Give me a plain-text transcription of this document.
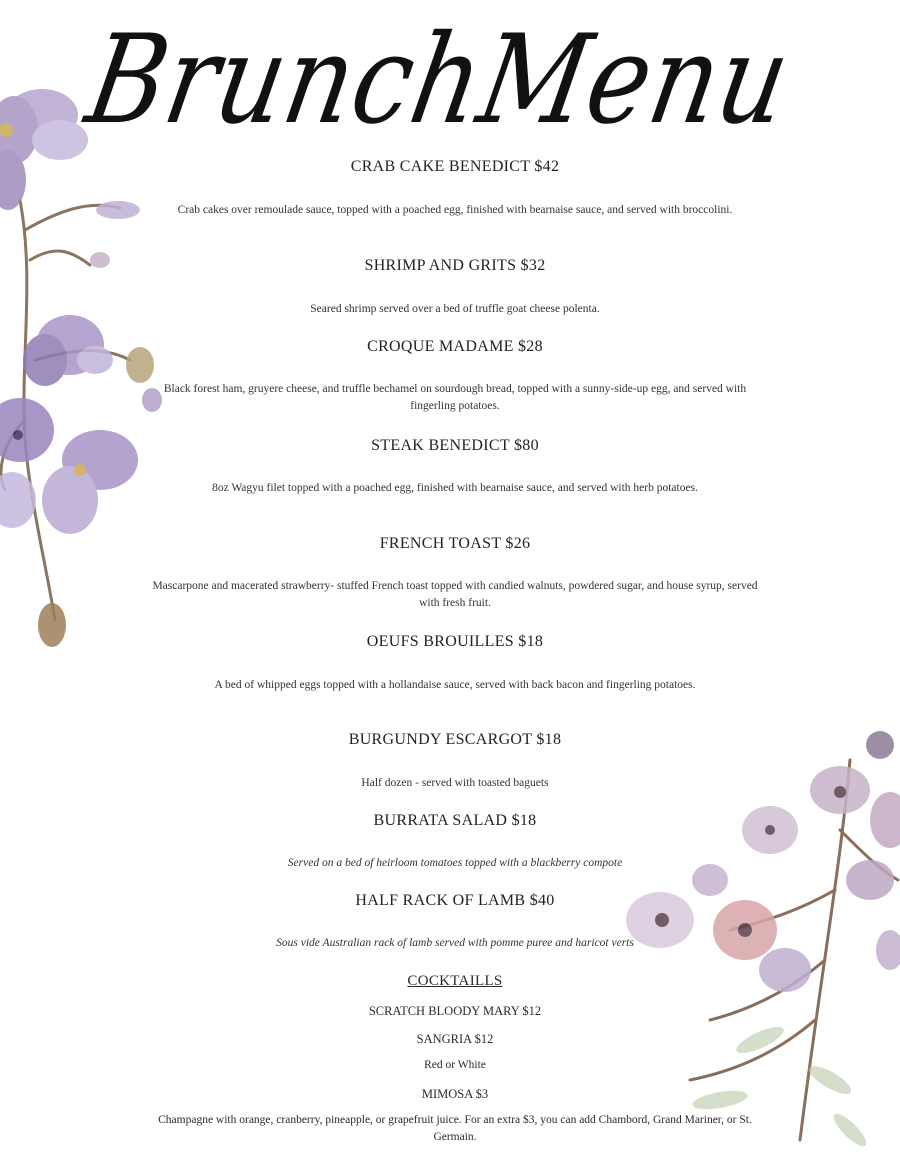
BrunchMenu
CRAB CAKE BENEDICT $42
Crab cakes over remoulade sauce, topped with a poached egg, finished with bearnaise sauce, and served with broccolini.
SHRIMP AND GRITS $32
Seared shrimp served over a bed of truffle goat cheese polenta.
CROQUE MADAME $28
Black forest ham, gruyere cheese, and truffle bechamel on sourdough bread, topped with a sunny-side-up egg, and served with fingerling potatoes.
STEAK BENEDICT $80
8oz Wagyu filet topped with a poached egg, finished with bearnaise sauce, and served with herb potatoes.
FRENCH TOAST $26
Mascarpone and macerated strawberry- stuffed French toast topped with candied walnuts, powdered sugar, and house syrup, served with fresh fruit.
OEUFS BROUILLES $18
A bed of whipped eggs topped with a hollandaise sauce, served with back bacon and fingerling potatoes.
BURGUNDY ESCARGOT $18
Half dozen - served with toasted baguets
BURRATA SALAD $18
Served on a bed of heirloom tomatoes topped with a blackberry compote
HALF RACK OF LAMB $40
Sous vide Australian rack of lamb served with pomme puree and haricot verts
COCKTAILLS
SCRATCH BLOODY MARY $12
SANGRIA $12
Red or White
MIMOSA $3
Champagne with orange, cranberry, pineapple, or grapefruit juice. For an extra $3, you can add Chambord, Grand Mariner, or St. Germain.
